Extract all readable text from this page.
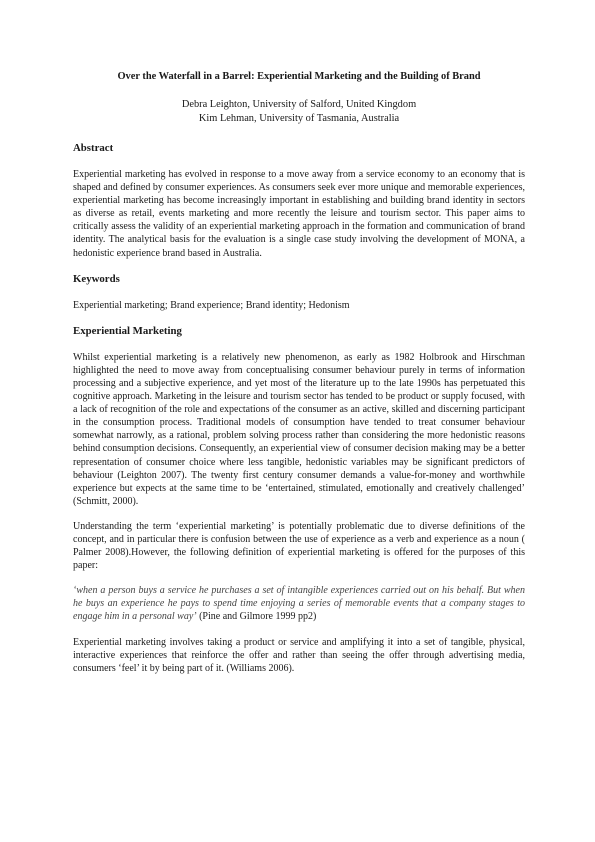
Over the Waterfall in a Barrel: Experiential Marketing and the Building of Brand
Debra Leighton, University of Salford, United Kingdom
Kim Lehman, University of Tasmania, Australia
Abstract

Experiential marketing has evolved in response to a move away from a service economy to an economy that is shaped and defined by consumer experiences. As consumers seek ever more unique and memorable experiences, experiential marketing has become increasingly important in establishing and building brand identity in sectors as diverse as retail, events marketing and more recently the leisure and tourism sector. This paper aims to critically assess the validity of an experiential marketing approach in the formation and communication of brand identity. The analytical basis for the evaluation is a single case study involving the development of MONA, a hedonistic experience brand based in Australia.

Keywords

Experiential marketing; Brand experience; Brand identity; Hedonism

Experiential Marketing

Whilst experiential marketing is a relatively new phenomenon, as early as 1982 Holbrook and Hirschman highlighted the need to move away from conceptualising consumer behaviour purely in terms of information processing and a subjective experience, and yet most of the literature up to the late 1990s has perpetuated this cognitive approach. Marketing in the leisure and tourism sector has tended to be product or supply focused, with a lack of recognition of the role and expectations of the consumer as an active, skilled and discerning participant in the consumption process. Traditional models of consumption have tended to treat consumer behaviour somewhat narrowly, as a rational, problem solving process rather than considering the more hedonistic reasons behind consumption decisions. Consequently, an experiential view of consumer decision making may be a better representation of consumer choice where less tangible, hedonistic variables may be significant predictors of behaviour (Leighton 2007). The twenty first century consumer demands a value-for-money and worthwhile experience but expects at the same time to be ‘entertained, stimulated, emotionally and creatively challenged’ (Schmitt, 2000).

Understanding the term ‘experiential marketing’ is potentially problematic due to diverse definitions of the concept, and in particular there is confusion between the use of experience as a verb and experience as a noun ( Palmer 2008).However, the following definition of experiential marketing is offered for the purposes of this paper:

‘when a person buys a service he purchases a set of intangible experiences carried out on his behalf. But when he buys an experience he pays to spend time enjoying a series of memorable events that a company stages to engage him in a personal way’ (Pine and Gilmore 1999 pp2)

Experiential marketing involves taking a product or service and amplifying it into a set of tangible, physical, interactive experiences that reinforce the offer and rather than seeing the offer through advertising media, consumers ‘feel’ it by being part of it. (Williams 2006).
